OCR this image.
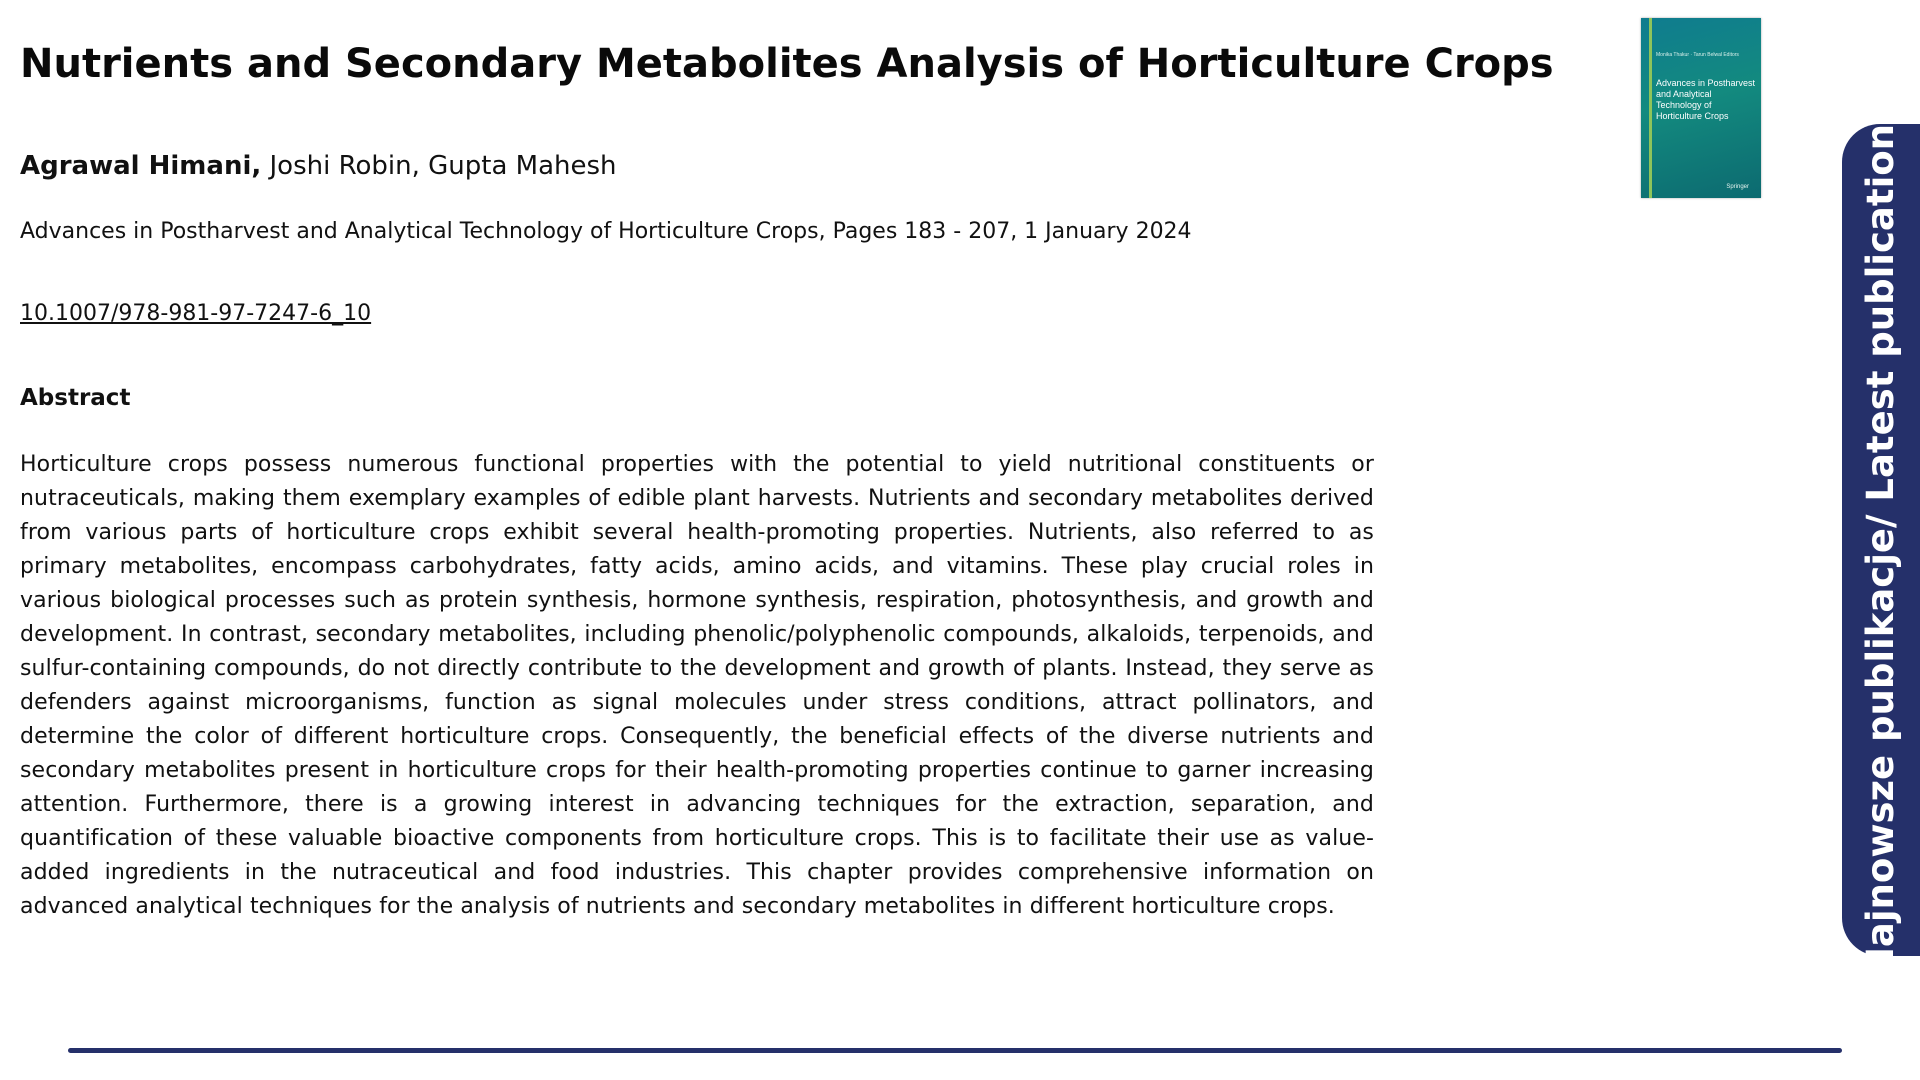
Nutrients and Secondary Metabolites Analysis of Horticulture Crops
Agrawal Himani, Joshi Robin, Gupta Mahesh
Advances in Postharvest and Analytical Technology of Horticulture Crops, Pages 183 - 207, 1 January 2024
10.1007/978-981-97-7247-6_10
Abstract

Horticulture crops possess numerous functional properties with the potential to yield nutritional constituents or nutraceuticals, making them exemplary examples of edible plant harvests. Nutrients and secondary metabolites derived from various parts of horticulture crops exhibit several health-promoting properties. Nutrients, also referred to as primary metabolites, encompass carbohydrates, fatty acids, amino acids, and vitamins. These play crucial roles in various biological processes such as protein synthesis, hormone synthesis, respiration, photosynthesis, and growth and development. In contrast, secondary metabolites, including phenolic/polyphenolic compounds, alkaloids, terpenoids, and sulfur-containing compounds, do not directly contribute to the development and growth of plants. Instead, they serve as defenders against microorganisms, function as signal molecules under stress conditions, attract pollinators, and determine the color of different horticulture crops. Consequently, the beneficial effects of the diverse nutrients and secondary metabolites present in horticulture crops for their health-promoting properties continue to garner increasing attention. Furthermore, there is a growing interest in advancing techniques for the extraction, separation, and quantification of these valuable bioactive components from horticulture crops. This is to facilitate their use as value-added ingredients in the nutraceutical and food industries. This chapter provides comprehensive information on advanced analytical techniques for the analysis of nutrients and secondary metabolites in different horticulture crops.

Monika Thakur · Tarun Belwal Editors
Advances in Postharvest and Analytical Technology of Horticulture Crops
Springer	Najnowsze publikacje/ Latest publications
